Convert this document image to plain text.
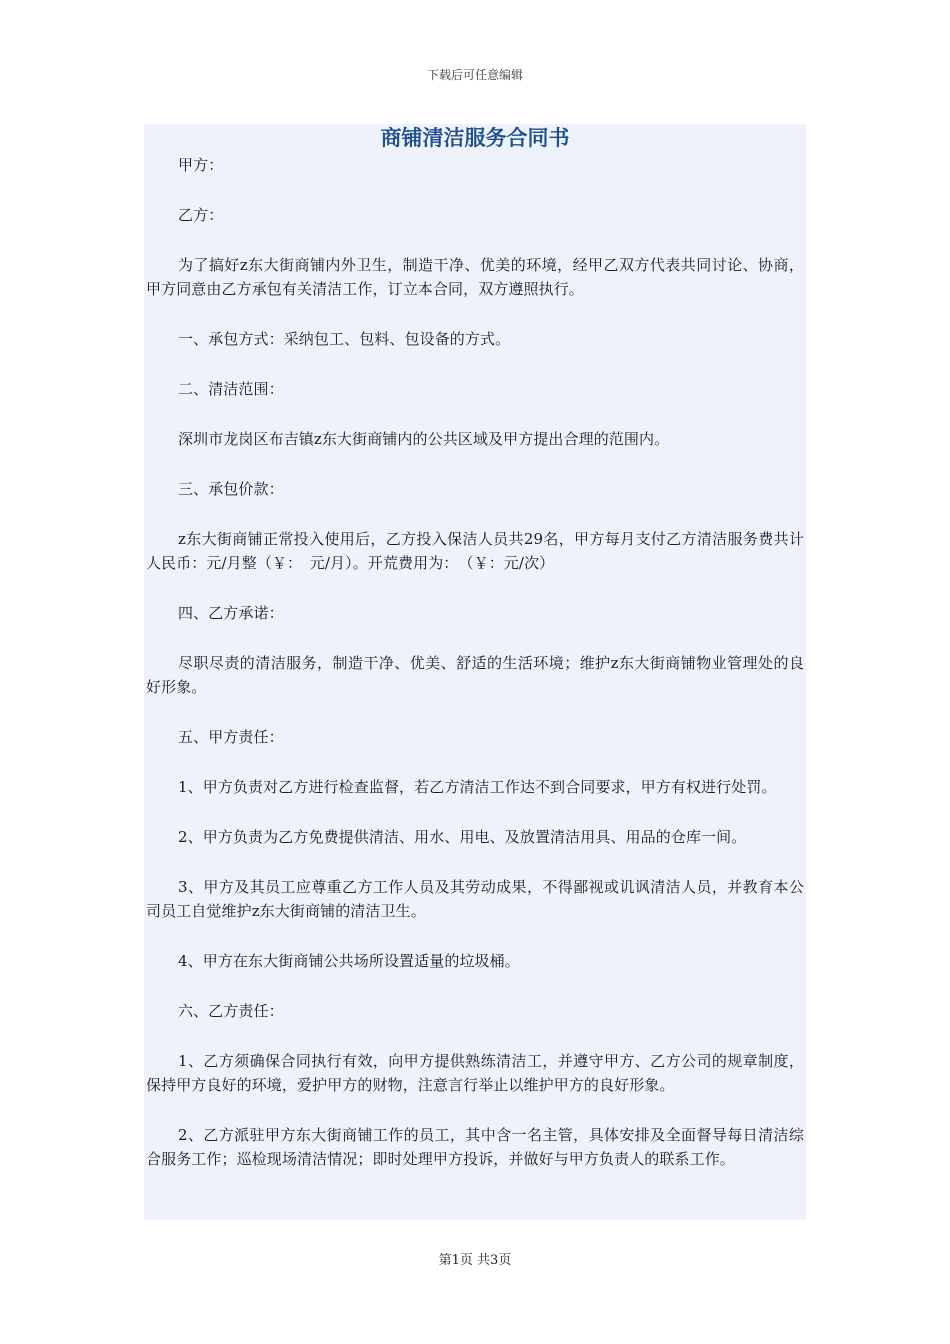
下载后可任意编辑
商铺清洁服务合同书

甲方：

乙方：

为了搞好z东大街商铺内外卫生，制造干净、优美的环境，经甲乙双方代表共同讨论、协商，甲方同意由乙方承包有关清洁工作，订立本合同，双方遵照执行。

一、承包方式：采纳包工、包料、包设备的方式。

二、清洁范围：

深圳市龙岗区布吉镇z东大街商铺内的公共区域及甲方提出合理的范围内。

三、承包价款：

z东大街商铺正常投入使用后，乙方投入保洁人员共29名，甲方每月支付乙方清洁服务费共计人民币：元/月整（￥：　元/月）。开荒费用为：　（￥：元/次）

四、乙方承诺：

尽职尽责的清洁服务，制造干净、优美、舒适的生活环境；维护z东大街商铺物业管理处的良好形象。

五、甲方责任：

1、甲方负责对乙方进行检查监督，若乙方清洁工作达不到合同要求，甲方有权进行处罚。

2、甲方负责为乙方免费提供清洁、用水、用电、及放置清洁用具、用品的仓库一间。

3、甲方及其员工应尊重乙方工作人员及其劳动成果，不得鄙视或讥讽清洁人员，并教育本公司员工自觉维护z东大街商铺的清洁卫生。

4、甲方在东大街商铺公共场所设置适量的垃圾桶。

六、乙方责任：

1、乙方须确保合同执行有效，向甲方提供熟练清洁工，并遵守甲方、乙方公司的规章制度，保持甲方良好的环境，爱护甲方的财物，注意言行举止以维护甲方的良好形象。

2、乙方派驻甲方东大街商铺工作的员工，其中含一名主管，具体安排及全面督导每日清洁综合服务工作；巡检现场清洁情况；即时处理甲方投诉，并做好与甲方负责人的联系工作。

第1页 共3页
